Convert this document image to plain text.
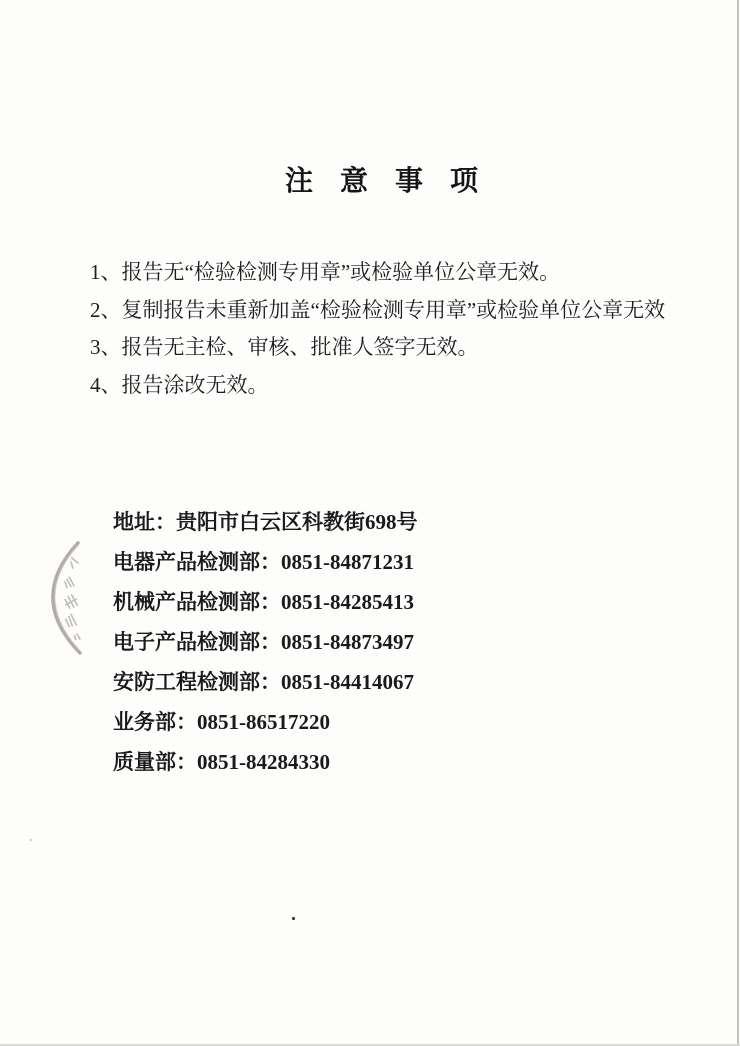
注意事项
1、报告无“检验检测专用章”或检验单位公章无效。
2、复制报告未重新加盖“检验检测专用章”或检验单位公章无效
3、报告无主检、审核、批准人签字无效。
4、报告涂改无效。
地址：贵阳市白云区科教街698号
电器产品检测部：0851-84871231
机械产品检测部：0851-84285413
电子产品检测部：0851-84873497
安防工程检测部：0851-84414067
业务部：0851-86517220
质量部：0851-84284330
